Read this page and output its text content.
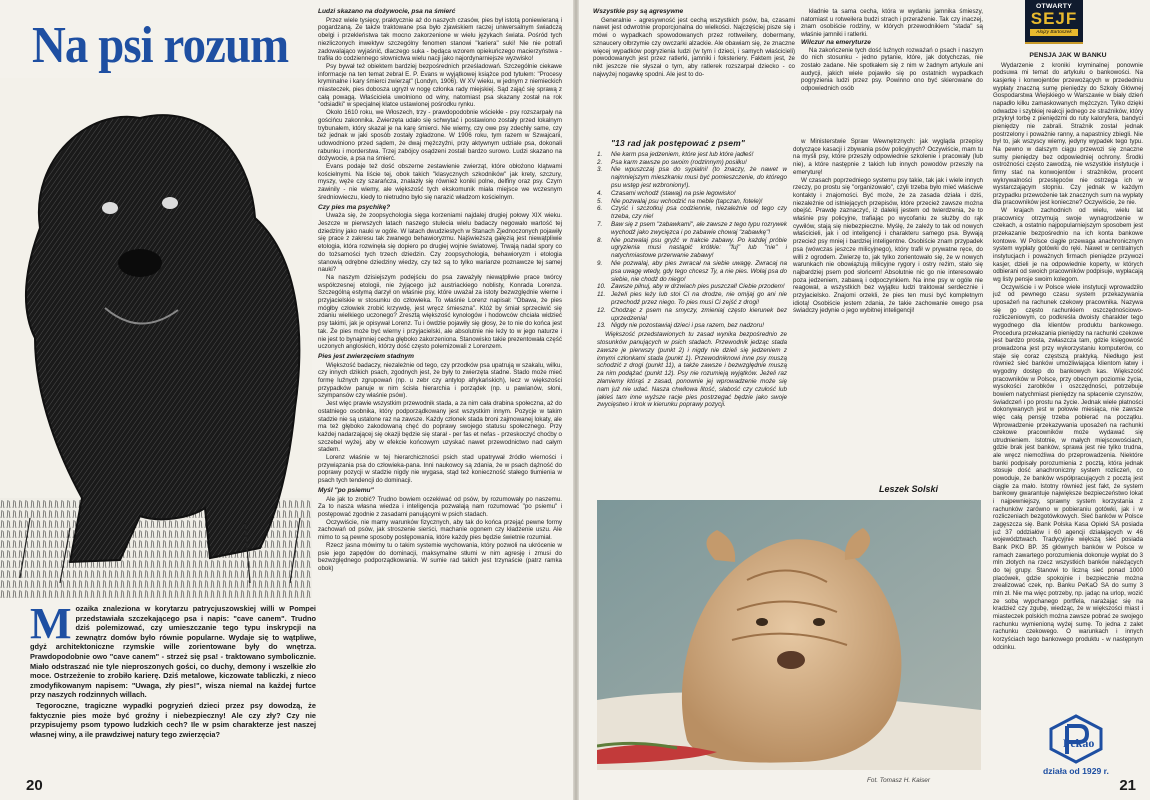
Na psi rozum
Ludzi skazano na dożywocie, psa na śmierć

Przez wiele tysięcy, praktycznie aż do naszych czasów, pies był istotą poniewieraną i pogardzaną. Ze także traktowane psa było zjawiskiem raczej uniwersalnym świadczą obelgi i przekleństwa tak mocno zakorzenione w wielu językach świata. Pośród tych niezliczonych inwektyw szczególny fenomen stanowi "kariera" suki! Nie nie potrafi zadowalająco wyjaśnić, dlaczego suka - będąca wzorem opiekuńczego macierzyństwa - trafiła do codziennego słownictwa wielu nacji jako najordynarniejsze wyzwisko!

Psy bywał też obiektem bardziej bezpośrednich prześladowań. Szczególnie ciekawe informacje na ten temat zebrał E. P. Evans w wyjątkowej książce pod tytułem: "Procesy kryminalne i kary śmierci zwierząt" (Londyn, 1906). W XV wieku, w jednym z niemieckich miasteczek, pies dobosza ugryzł w nogę członka rady miejskiej. Sąd zająć się sprawą z całą powagą. Właściciela uwolniono od winy, natomiast psa skazany został na rok "odsiadki" w specjalnej klatce ustawionej pośrodku rynku.

Około 1610 roku, we Włoszech, trzy - prawdopodobnie wściekłe - psy rozszarpały na gościńcu zakonnika. Zwierzęta udało się schwytać i postawiono zostały przed lokalnym trybunałem, który skazał je na karę śmierci. Nie wiemy, czy owe psy zdechły same, czy też jednak w jaki sposób zostały zgładzone. W 1906 roku, tym razem w Szwajcarii, udowodniono przed sądem, że dwaj mężczyźni, przy aktywnym udziale psa, dokonali rabunku i morderstwa. Trzej zabójcy osądzeni zostali bardzo surowo. Ludzi skazano na dożywocie, a psa na śmierć.

Evans podaje też dość obszerne zestawienie zwierząt, które obłożono klątwami kościelnymi. Na liście tej, obok takich "klasycznych szkodników" jak krety, szczury, myszy, węże czy szarańcza, znalazły się również koniki polne, delfiny oraz psy. Czym zawinily - nie wiemy, ale większość tych ekskomunik miała miejsce we wczesnym średniowieczu, kiedy to nietrudno było się narazić władzom kościelnym.

Czy pies ma psychikę?

Uważa się, że zoopsychologia sięga korzeniami najdalej drugiej połowy XIX wieku. Jeszcze w pierwszych latach naszego stulecia wielu badaczy negowało wartość tej dziedziny jako nauki w ogóle. W latach dwudziestych w Stanach Zjednoczonych pojawiły się prace z zakresu tak zwanego behawioryzmu. Najświeższą gałęzią jest niewątpliwie etologia, która rozwinęła się dopiero po drugiej wojnie światowej. Trwają nadal spory co do tożsamości tych trzech dziedzin. Czy zoopsychologia, behawioryzm i etologia stanowią odrębne dziedziny wiedzy, czy też są to tylko warianze poznawcze tej samej nauki?

Na naszym dzisiejszym podejściu do psa zaważyły niewątpliwie prace twórcy współczesnej etologii, nie żyjącego już austriackiego noblisty, Konrada Lorenza. Szczególną estymą darzył on właśnie psy, które uważał za istoty bezwzględnie wierne i przyjacielskie w stosunku do człowieka. To właśnie Lorenz napisał: "Obawa, że pies mógłby człowiek zrobić krzywdę, jest wręcz śmieszna". Któż by śmiał sprzeciwić się zdaniu wielkiego uczonego? Zresztą większość kynologów i hodowców chciała widzieć psy takimi, jak je opisywał Lorenz. Tu i ówdzie pojawiły się głosy, że to nie do końca jest tak. Że pies może być wierny i przyjacielski, ale absolutnie nie leży to w jego naturze i nie jest to bynajmniej cecha głęboko zakorzeniona. Stanowisko takie prezentowała część uczonych angloskich, którzy dość często polemizowali z Lorenzem.

Pies jest zwierzęciem stadnym

Większość badaczy, niezależnie od tego, czy przodków psa upatrują w szakalu, wilku, czy innych dzikich psach, zgodnych jest, że były to zwierzęta stadne. Stado może mieć formę luźnych zgrupowań (np. u zebr czy antylop afrykańskich), lecz w większości przypadków panuje w nim ścisła hierarchia i porządek (np. u pawianów, słoni, szympansów czy właśnie psów).

Jest więc prawie wszystkim przewodnik stada, a za nim cała drabina społeczna, aż do ostatniego osobnika, który podporządkowany jest wszystkim innym. Pozycje w takim stadzie nie są ustalone raz na zawsze. Każdy członek stada broni zajmowanej lokaty, ale ma też głęboko zakodowaną chęć do poprawy swojego statusu społecznego. Przy każdej nadarzającej się okazji będzie się starał - per fas et nefas - przeskoczyć choćby o szczebel wyżej, aby w efekcie końcowym uzyskać nawet przewodnictwo nad całym stadem.

Lorenz właśnie w tej hierarchiczności psich stad upatrywał źródło wierności i przywiązania psa do człowieka-pana. Inni naukowcy są zdania, że w psach dążność do poprawy pozycji w stadzie nigdy nie wygasa, stąd też konieczność stałego tłumienia w psach tych tendencji do dominacji.

Myśl "po psiemu"

Ale jak to zrobić? Trudno bowiem oczekiwać od psów, by rozumowały po naszemu. Za to nasza własna wiedza i inteligencja pozwalają nam rozumować "po psiemu" i postępować zgodnie z zasadami panującymi w psich stadach.

Oczywiście, nie mamy warunków fizycznych, aby tak do końca przejąć pewne formy zachowań od psów, jak stroszenie sierści, machanie ogonem czy kładzenie uszu. Ale mimo to są pewne sposoby postępowania, które każdy pies będzie świetnie rozumiał.

Rzecz jasna mówimy tu o takim systemie wychowania, który pozwoli na ukrócenie w psie jego zapędów do dominacji, maksymalne stłumi w nim agresję i zmusi do bezwzględnego podporządkowania. W sumie rad takich jest trzynaście (patrz ramka obok)

M ozaika znaleziona w korytarzu patrycjuszowskiej willi w Pompei przedstawiała szczekającego psa i napis: "cave canem". Trudno dziś polemizować, czy umieszczanie tego typu inskrypcji na zewnątrz domów było równie popularne. Wydaje się to wątpliwe, gdyż architektoniczne rzymskie wille zorientowane były do wnętrza. Prawdopodobnie owo "cave canem" - strzeż się psa! - traktowano symbolicznie. Miało odstraszać nie tyle nieproszonych gości, co duchy, demony i wszelkie zło moce. Ostrzeżenie to zrobiło karierę. Dziś metalowe, kiczowate tabliczki, z nieco zmodyfikowanym napisem: "Uwaga, zły pies!", wisza niemal na każdej furtce przy naszych rodzinnych willach.

Tegoroczne, tragiczne wypadki pogryzień dzieci przez psy dowodzą, że faktycznie pies może być groźny i niebezpieczny! Ale czy zły? Czy nie przypisujemy psom typowo ludzkich cech? Ile w psim charakterze jest naszej własnej winy, a ile prawdziwej natury tego zwierzęcia?

20
Wszystkie psy są agresywne

Generalnie - agresywność jest cechą wszystkich psów, ba, czasami nawet jest odwrotnie proporcjonalna do wielkości. Najczęściej pisze się i mówi o wypadkach spowodowanych przez rottweilery, dobermany, sznaucery olbrzymie czy owczarki alzackie. Ale obawiam się, że znaczne więcej wypadków pogryzienia ludzi (w tym i dzieci, i samych właścicieli) powodowanych jest przez ratlerki, jamniki i foksteriery. Faktem jest, że nikt jeszcze nie słyszał o tym, aby ratlerek rozszarpał dziecko - co najwyżej nogawkę spodni. Ale jest to do-

kładnie ta sama cecha, która w wydaniu jamnika śmieszy, natomiast u rotweilera budzi strach i przerażenie. Tak czy inaczej, znam osobiście rodziny, w których przewodnikiem "stada" są właśnie jamniki i ratlerki.

Wilczur na emeryturze

Na zakończenie tych dość luźnych rozważań o psach i naszym do nich stosunku - jedno pytanie, które, jak dotychczas, nie zostało zadane. Nie spotkałem się z nim w żadnym artykule ani audycji, jakich wiele pojawiło się po ostatnich wypadkach pogryzienia ludzi przez psy. Powinno ono być skierowane do odpowiednich osób

"13 rad jak postępować z psem"
1. Nie karm psa jedzeniem, które jest lub które jadłeś!
2. Psa karm zawsze po swoim (rodzinnym) posiłku!
3. Nie wpuszczaj psa do sypialni! (to znaczy, że nawet w najmniejszym mieszkaniu musi być pomieszczenie, do którego psu wstęp jest wzbroniony!).
4. Czasami wchodź (stawaj) na psie legowisko!
5. Nie pozwalaj psu wchodzić na meble (tapczan, fotele)!
6. Czyść i szczotkuj psa codziennie, niezależnie od tego czy trzeba, czy nie!
7. Baw się z psem "zabawkami", ale zawsze z tego typu rozrywek wychodź jako zwycięzca i po zabawie chowaj "zabawkę"!
8. Nie pozwalaj psu gryźć w trakcie zabawy. Po każdej próbie ugryzienia musi nastąpić krótkie: "fuj" lub "nie" i natychmiastowe przerwanie zabawy!
9. Nie pozwalaj, aby pies zwracał na siebie uwagę. Zwracaj na psa uwagę wtedy, gdy tego chcesz Ty, a nie pies. Wołaj psa do siebie, nie chodź do niego!
10. Zawsze pilnuj, aby w drzwiach pies puszczał! Ciebie przodem!
11. Jeżeli pies leży lub stoi Ci na drodze, nie omijaj go ani nie przechodź przez niego. To pies musi Ci zejść z drogi!
12. Chodząc z psem na smyczy, zmieniaj często kierunek bez uprzedzenia!
13. Nigdy nie pozostawiaj dzieci i psa razem, bez nadzoru!

Większość przedstawionych tu zasad wynika bezpośrednio ze stosunków panujących w psich stadach. Przewodnik jedząc stada zawsze je pierwszy (punkt 2) i nigdy nie dzieli się jedzeniem z innymi członkami stada (punkt 1). Przewodniknowi inne psy muszą schodzić z drogi (punkt 11), a także zawsze i bezwzględnie muszą za nim podążać (punkt 12). Psy nie rozumieją wyjątków. Jeżeli raz złamiemy którąś z zasad, ponownie jej wprowadzenie może się nam już nie udać. Nasza chwilowa litość, słabość czy czułość lub jakieś tam inne wyższe racje pies postrzegać będzie jako swoje zwycięstwo i krok w kierunku poprawy pozycji.

w Ministerstwie Spraw Wewnętrznych: jak wygląda przepisy dotyczące kasacji i zbywania psów policyjnych? Oczywiście, mam tu na myśli psy, które przeszły odpowiednie szkolenie i pracowały (lub nie), a które następnie z takich lub innych powodów przeszły na emeryturę!

W czasach poprzedniego systemu psy takie, tak jak i wiele innych rzeczy, po prostu się "organizowało", czyli trzeba było mieć właściwe kontakty i znajomości. Być może, że za zasada działa i dziś, niezależnie od istniejących przepisów, które przecież zawsze można obejść. Prawdę zaznaczyć, iż dalekij jestem od twierdzenia, że to właśnie psy policyjne, trafiając po wycofaniu ze służby do rąk cywilów, stają się niebezpieczne. Myślę, że zależy to tak od nowych właścicieli, jak i od inteligencji i charakteru samego psa. Bywają przecież psy mniej i bardziej inteligentne. Osobiście znam przypadek psa (wówczas jeszcze milicyjnego), który trafił w prywatne ręce, do willi z ogrodem. Zwierzę to, jak tylko zorientowało się, że w nowych warunkach nie obowiązują milicyjne rygory i ostry reżim, stało się najbardziej psem pod słońcem! Absolutnie nic go nie interesowało poza jedzeniem, zabawą i odpoczynkiem. Na inne psy w ogóle nie reagował, a wszystkich bez wyjątku ludzi traktował serdecznie i przyjacielsko. Znajomi orzekli, że pies ten musi być kompletnym idiotą! Osobiście jestem zdania, że takie zachowanie owego psa świadczy jedynie o jego wybitnej inteligencji!

Leszek Solski
Fot. Tomasz H. Kaiser
OTWARTY
SEJF
Alojzy Bartoszek
PENSJA JAK W BANKU

Wydarzenie z kroniki kryminalnej ponownie podsuwa mi temat do artykułu o bankowości. Na kasjerkę i konwojentów przewożących w przededniu wypłaty znaczną sumę pieniędzy do Szkoły Głównej Gospodarstwa Wiejskiego w Warszawie w biały dzień napadło kilku zamaskowanych mężczyzn. Tylko dzięki odwadze i szybkiej reakcji jednego ze strażników, który przykrył torbę z pieniędzmi do ruty kaloryfera, bandyci pieniędzy nie zabrali. Strażnik został jednak postrzelony i poważnie ranny, a napastnicy zbiegli. Nie był to, jak wszyscy wiemy, jedyny wypadek tego typu. Na pewno w dalszym ciągu przewozi się znaczne sumy pieniędzy bez odpowiedniej ochrony. Środki ostrożności często zawodzą, nie wszystkie instytucje i firmy stać na konwojentów i strażników, procent wykrywalności przestępców nie ostrzega ich w wystarczającym stopniu. Czy jednak w każdym przypadku przewożenie tak znacznych sum na wypłaty dla pracowników jest konieczne? Oczywiście, że nie.

W krajach zachodnich od wielu, wielu lat pracownicy otrzymują swoje wynagrodzenie w czekach, a ostatnio najpopularniejszym sposobem jest przekazanie bezpośrednio na ich konta bankowe kontowe. W Polsce ciągłe przewaga anachronicznym system wypłaty gotówki do ręki. Nawet w centralnych instytucjach i poważnych firmach pieniądze przywozi kasjer, dzieli je na odpowiednie koperty, w których odbierani od swoich pracowników podpisuje, wypłacają wg listy pensje swoim kolegom.

Oczywiście i w Polsce wiele instytucji wprowadziło już od pewnego czasu system przekazywania uposażeń na rachunek czekowy pracownika. Nazywa się go często rachunkiem oszczędnościowo-rozliczeniowym, co podkreśla dwoisty charakter tego wygodnego dla klientów produktu bankowego. Procedura przekazania pieniędzy na rachunki czekowe jest bardzo prosta, zwłaszcza tam, gdzie księgowość prowadzona jest przy wykorzystaniu komputerów, co staje się coraz częstszą praktyką. Niedługo jest również sieć banków umożliwiająca klientom łatwy i wygodny dostęp do bankowych kas. Większość pracowników w Polsce, przy obecnym poziomie życia, wysokości zarobków i oszczędności, potrzebuje bowiem natychmiast pieniędzy na spłacenie czynszów, świadczeń i po prostu na życie. Jednak wiele płatności dokonywanych jest w połowie miesiąca, nie zawsze więc całą pensję trzeba pobierać na początku. Wprowadzenie przekazywania uposażeń na rachunki czekowe pracowników może wydawać się utrudnieniem. Istotnie, w małych miejscowościach, gdzie brak jest banków, sprawa jest nie tylko trudna, ale wręcz niemożliwa do przeprowadzenia. Niektóre banki podpisały porozumienia z pocztą, która jednak stosuje dość anachroniczny system rozliczeń, co powoduje, że banków współpracujących z pocztą jest ciągle za mało. Istotny również jest fakt, że system bankowy gwarantuje największe bezpieczeństwo lokat i najpewniejszy, sprawny system korzystania z rachunków zarówno w pobieraniu gotówki, jak i w rozliczeniach bezgotówkowych. Sieć banków w Polsce zagęszcza się. Bank Polska Kasa Opieki SA posiada już 37 oddziałów i 60 agencji działających w 46 województwach. Tradycyjnie większą sieć posiada Bank PKO BP. 35 głównych banków w Polsce w ramach zawartego porozumienia dokonuje wypłat do 3 mln złotych na rzecz wszystkich banków należących do tej grupy. Stanowi to liczną sieć ponad 1000 placówek, gdzie spokojnie i bezpiecznie można zrealizować czek, np. Banku PeKaO SA do sumy 3 mln zł. Nie ma więc potrzeby, np. jadąc na urlop, wozić ze sobą wypchanego portfela, narażając się na kradzież czy zgubę, wiedząc, że w większości miast i miasteczek polskich można zawsze pobrać ze swojego rachunku wymienioną wyżej sumę. To jedna z zalet rachunku czekowego. O warunkach i innych korzyściach tego bankowego produktu - w następnym odcinku.

Pekao
działa od 1929 r.
21
